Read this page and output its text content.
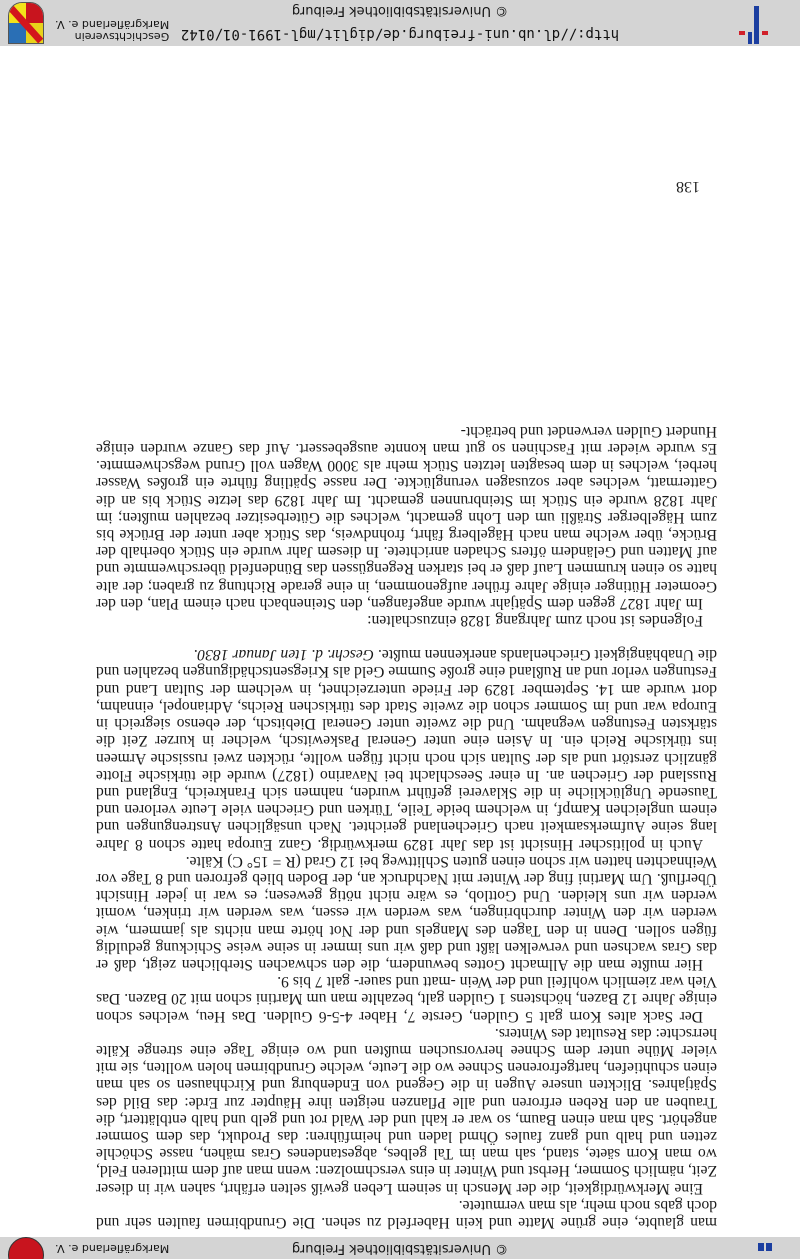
© Universitätsbibliothek Freiburg
Markgräflerland e. V.

man glaubte, eine grüne Matte und kein Haberfeld zu sehen. Die Grundbirnen faulten sehr und doch gabs noch mehr, als man vermutete.

Eine Merkwürdigkeit, die der Mensch in seinem Leben gewiß selten erfährt, sahen wir in dieser Zeit, nämlich Sommer, Herbst und Winter in eins verschmolzen: wenn man auf dem mittleren Feld, wo man Korn säete, stand, sah man im Tal gelbes, abgestandenes Gras mähen, nasse Schöchle zetten und halb und ganz faules Öhmd laden und heimführen: das Produkt, das dem Sommer angehört. Sah man einen Baum, so war er kahl und der Wald rot und gelb und halb entblättert, die Trauben an den Reben erfroren und alle Pflanzen neigten ihre Häupter zur Erde: das Bild des Spätjahres. Blickten unsere Augen in die Gegend von Endenburg und Kirchhausen so sah man einen schuhtiefen, hartgefrorenen Schnee wo die Leute, welche Grundbirnen holen wollten, sie mit vieler Mühe unter dem Schnee hervorsuchen mußten und wo einige Tage eine strenge Kälte herrschte: das Resultat des Winters.

Der Sack altes Korn galt 5 Gulden, Gerste 7, Haber 4-5-6 Gulden. Das Heu, welches schon einige Jahre 12 Bazen, höchstens 1 Gulden galt, bezahlte man um Martini schon mit 20 Bazen. Das Vieh war ziemlich wohlfeil und der Wein -matt und sauer- galt 7 bis 9.

Hier mußte man die Allmacht Gottes bewundern, die den schwachen Sterblichen zeigt, daß er das Gras wachsen und verwelken läßt und daß wir uns immer in seine weise Schickung geduldig fügen sollen. Denn in den Tagen des Mangels und der Not hörte man nichts als jammern, wie werden wir den Winter durchbringen, was werden wir essen, was werden wir trinken, womit werden wir uns kleiden. Und Gottlob, es wäre nicht nötig gewesen; es war in jeder Hinsicht Überfluß. Um Martini fing der Winter mit Nachdruck an, der Boden blieb gefroren und 8 Tage vor Weihnachten hatten wir schon einen guten Schlittweg bei 12 Grad (R = 15° C) Kälte.

Auch in politischer Hinsicht ist das Jahr 1829 merkwürdig. Ganz Europa hatte schon 8 Jahre lang seine Aufmerksamkeit nach Griechenland gerichtet. Nach unsäglichen Anstrengungen und einem ungleichen Kampf, in welchem beide Teile, Türken und Griechen viele Leute verloren und Tausende Unglückliche in die Sklaverei geführt wurden, nahmen sich Frankreich, England und Russland der Griechen an. In einer Seeschlacht bei Navarino (1827) wurde die türkische Flotte gänzlich zerstört und als der Sultan sich noch nicht fügen wollte, rückten zwei russische Armeen ins türkische Reich ein. In Asien eine unter General Paskewitsch, welcher in kurzer Zeit die stärksten Festungen wegnahm. Und die zweite unter General Diebitsch, der ebenso siegreich in Europa war und im Sommer schon die zweite Stadt des türkischen Reichs, Adrianopel, einnahm, dort wurde am 14. September 1829 der Friede unterzeichnet, in welchem der Sultan Land und Festungen verlor und an Rußland eine große Summe Geld als Kriegsentschädigungen bezahlen und die Unabhängigkeit Griechenlands anerkennen mußte. Geschr. d. 1ten Januar 1830.

Folgendes ist noch zum Jahrgang 1828 einzuschalten:

Im Jahr 1827 gegen dem Spätjahr wurde angefangen, den Steinenbach nach einem Plan, den der Geometer Hütinger einige Jahre früher aufgenommen, in eine gerade Richtung zu graben; der alte hatte so einen krummen Lauf daß er bei starken Regengüssen das Bündenfeld überschwemmte und auf Matten und Geländern öfters Schaden anrichtete. In diesem Jahr wurde ein Stück oberhalb der Brücke, über welche man nach Hägelberg fährt, frohndweis, das Stück aber unter der Brücke bis zum Hägelberger Sträßli um den Lohn gemacht, welches die Güterbesitzer bezahlen mußten; im Jahr 1828 wurde ein Stück im Steinbrunnen gemacht. Im Jahr 1829 das letzte Stück bis an die Gattermatt, welches aber sozusagen verunglückte. Der nasse Spätling führte ein großes Wasser herbei, welches in dem besagten letzten Stück mehr als 3000 Wagen voll Grund wegschwemmte. Es wurde wieder mit Faschinen so gut man konnte ausgebessert. Auf das Ganze wurden einige Hundert Gulden verwendet und beträcht-

138
http://dl.ub.uni-freiburg.de/diglit/mgl-1991-01/0142
© Universitätsbibliothek Freiburg
Geschichtsverein
Markgräflerland e. V.
